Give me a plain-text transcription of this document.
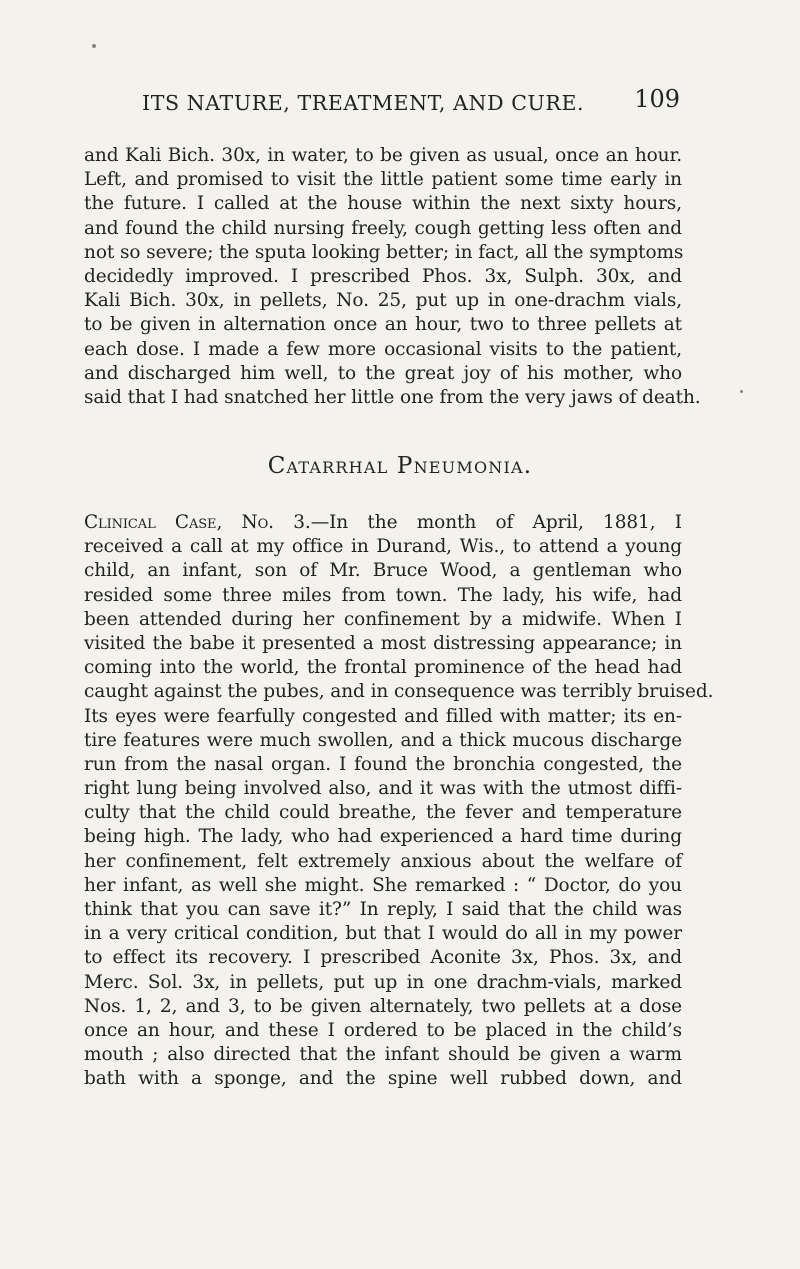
ITS NATURE, TREATMENT, AND CURE. 109
and Kali Bich. 30x, in water, to be given as usual, once an hour.
Left, and promised to visit the little patient some time early in
the future. I called at the house within the next sixty hours,
and found the child nursing freely, cough getting less often and
not so severe; the sputa looking better; in fact, all the symptoms
decidedly improved. I prescribed Phos. 3x, Sulph. 30x, and
Kali Bich. 30x, in pellets, No. 25, put up in one-drachm vials,
to be given in alternation once an hour, two to three pellets at
each dose. I made a few more occasional visits to the patient,
and discharged him well, to the great joy of his mother, who
said that I had snatched her little one from the very jaws of death.
Catarrhal Pneumonia.
Clinical Case, No. 3.—In the month of April, 1881, I
received a call at my office in Durand, Wis., to attend a young
child, an infant, son of Mr. Bruce Wood, a gentleman who
resided some three miles from town. The lady, his wife, had
been attended during her confinement by a midwife. When I
visited the babe it presented a most distressing appearance; in
coming into the world, the frontal prominence of the head had
caught against the pubes, and in consequence was terribly bruised.
Its eyes were fearfully congested and filled with matter; its en-
tire features were much swollen, and a thick mucous discharge
run from the nasal organ. I found the bronchia congested, the
right lung being involved also, and it was with the utmost diffi-
culty that the child could breathe, the fever and temperature
being high. The lady, who had experienced a hard time during
her confinement, felt extremely anxious about the welfare of
her infant, as well she might. She remarked : “ Doctor, do you
think that you can save it?” In reply, I said that the child was
in a very critical condition, but that I would do all in my power
to effect its recovery. I prescribed Aconite 3x, Phos. 3x, and
Merc. Sol. 3x, in pellets, put up in one drachm-vials, marked
Nos. 1, 2, and 3, to be given alternately, two pellets at a dose
once an hour, and these I ordered to be placed in the child’s
mouth ; also directed that the infant should be given a warm
bath with a sponge, and the spine well rubbed down, and
